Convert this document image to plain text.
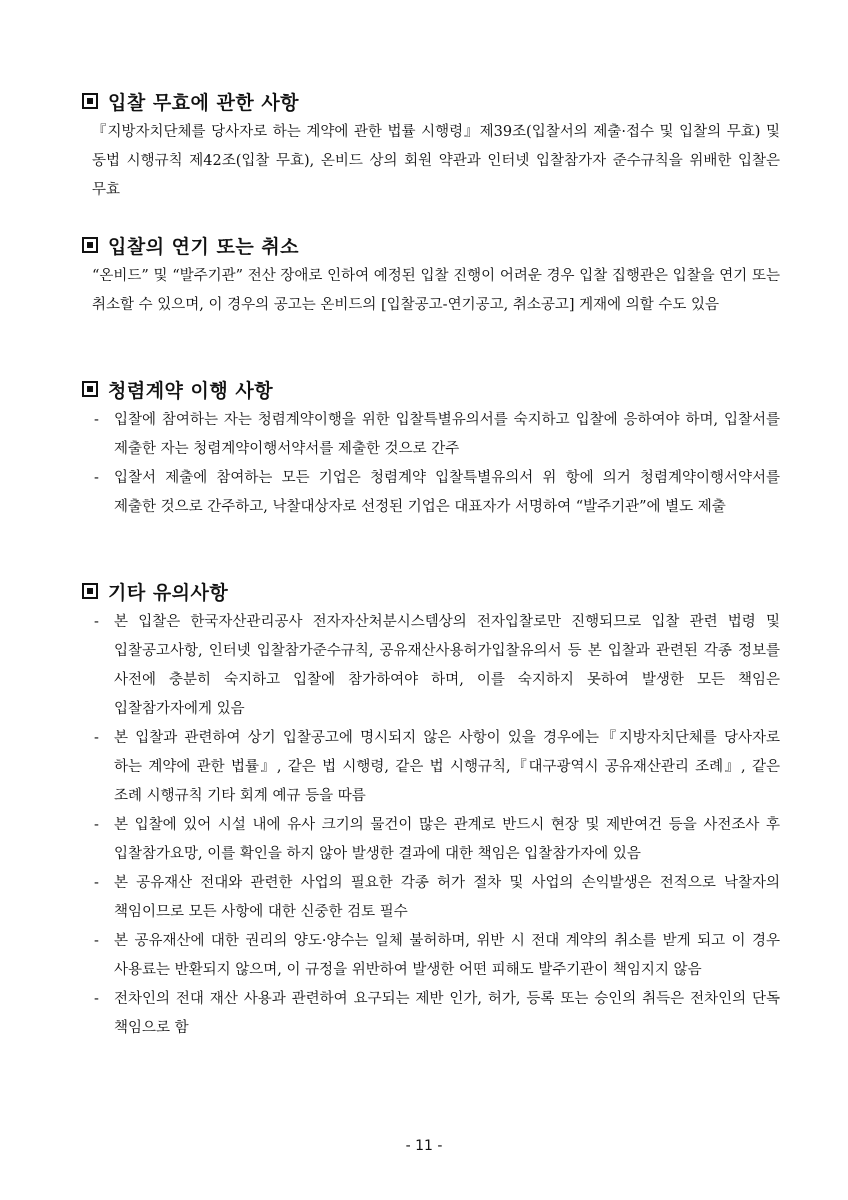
입찰 무효에 관한 사항

『지방자치단체를 당사자로 하는 계약에 관한 법률 시행령』제39조(입찰서의 제출·접수 및 입찰의 무효) 및 동법 시행규칙 제42조(입찰 무효), 온비드 상의 회원 약관과 인터넷 입찰참가자 준수규칙을 위배한 입찰은 무효

입찰의 연기 또는 취소

“온비드” 및 “발주기관” 전산 장애로 인하여 예정된 입찰 진행이 어려운 경우 입찰 집행관은 입찰을 연기 또는 취소할 수 있으며, 이 경우의 공고는 온비드의 [입찰공고-연기공고, 취소공고] 게재에 의할 수도 있음

청렴계약 이행 사항
- 입찰에 참여하는 자는 청렴계약이행을 위한 입찰특별유의서를 숙지하고 입찰에 응하여야 하며, 입찰서를 제출한 자는 청렴계약이행서약서를 제출한 것으로 간주
- 입찰서 제출에 참여하는 모든 기업은 청렴계약 입찰특별유의서 위 항에 의거 청렴계약이행서약서를 제출한 것으로 간주하고, 낙찰대상자로 선정된 기업은 대표자가 서명하여 “발주기관”에 별도 제출
기타 유의사항
- 본 입찰은 한국자산관리공사 전자자산처분시스템상의 전자입찰로만 진행되므로 입찰 관련 법령 및 입찰공고사항, 인터넷 입찰참가준수규칙, 공유재산사용허가입찰유의서 등 본 입찰과 관련된 각종 정보를 사전에 충분히 숙지하고 입찰에 참가하여야 하며, 이를 숙지하지 못하여 발생한 모든 책임은 입찰참가자에게 있음
- 본 입찰과 관련하여 상기 입찰공고에 명시되지 않은 사항이 있을 경우에는『지방자치단체를 당사자로 하는 계약에 관한 법률』, 같은 법 시행령, 같은 법 시행규칙,『대구광역시 공유재산관리 조례』, 같은 조례 시행규칙 기타 회계 예규 등을 따름
- 본 입찰에 있어 시설 내에 유사 크기의 물건이 많은 관계로 반드시 현장 및 제반여건 등을 사전조사 후 입찰참가요망, 이를 확인을 하지 않아 발생한 결과에 대한 책임은 입찰참가자에 있음
- 본 공유재산 전대와 관련한 사업의 필요한 각종 허가 절차 및 사업의 손익발생은 전적으로 낙찰자의 책임이므로 모든 사항에 대한 신중한 검토 필수
- 본 공유재산에 대한 권리의 양도·양수는 일체 불허하며, 위반 시 전대 계약의 취소를 받게 되고 이 경우 사용료는 반환되지 않으며, 이 규정을 위반하여 발생한 어떤 피해도 발주기관이 책임지지 않음
- 전차인의 전대 재산 사용과 관련하여 요구되는 제반 인가, 허가, 등록 또는 승인의 취득은 전차인의 단독 책임으로 함
- 11 -
